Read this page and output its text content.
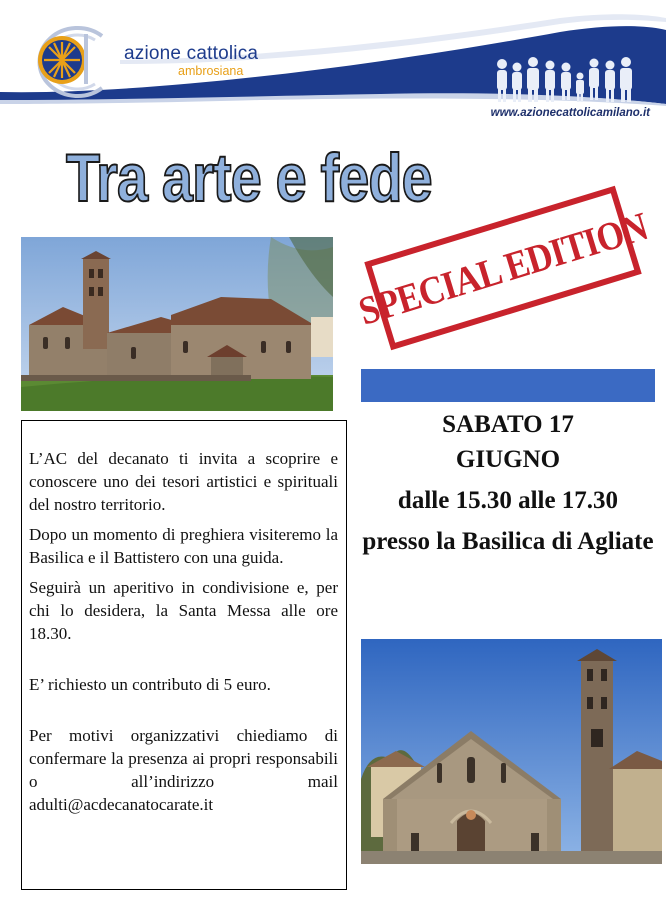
azione cattolica
ambrosiana
www.azionecattolicamilano.it
Tra arte e fede
SPECIAL EDITION
SABATO 17
GIUGNO
dalle 15.30 alle 17.30
presso la Basilica di Agliate

L’AC del decanato ti invita a scoprire e conoscere uno dei tesori artistici e spirituali del nostro territorio.

Dopo un momento di preghiera visiteremo la Basilica e il Battistero con una guida.

Seguirà un aperitivo in condivisione e, per chi lo desidera, la Santa Messa alle ore 18.30.

E’ richiesto un contributo di 5 euro.

Per motivi organizzativi chiediamo di confermare la presenza ai propri responsabili o all’indirizzo mail adulti@acdecanatocarate.it
